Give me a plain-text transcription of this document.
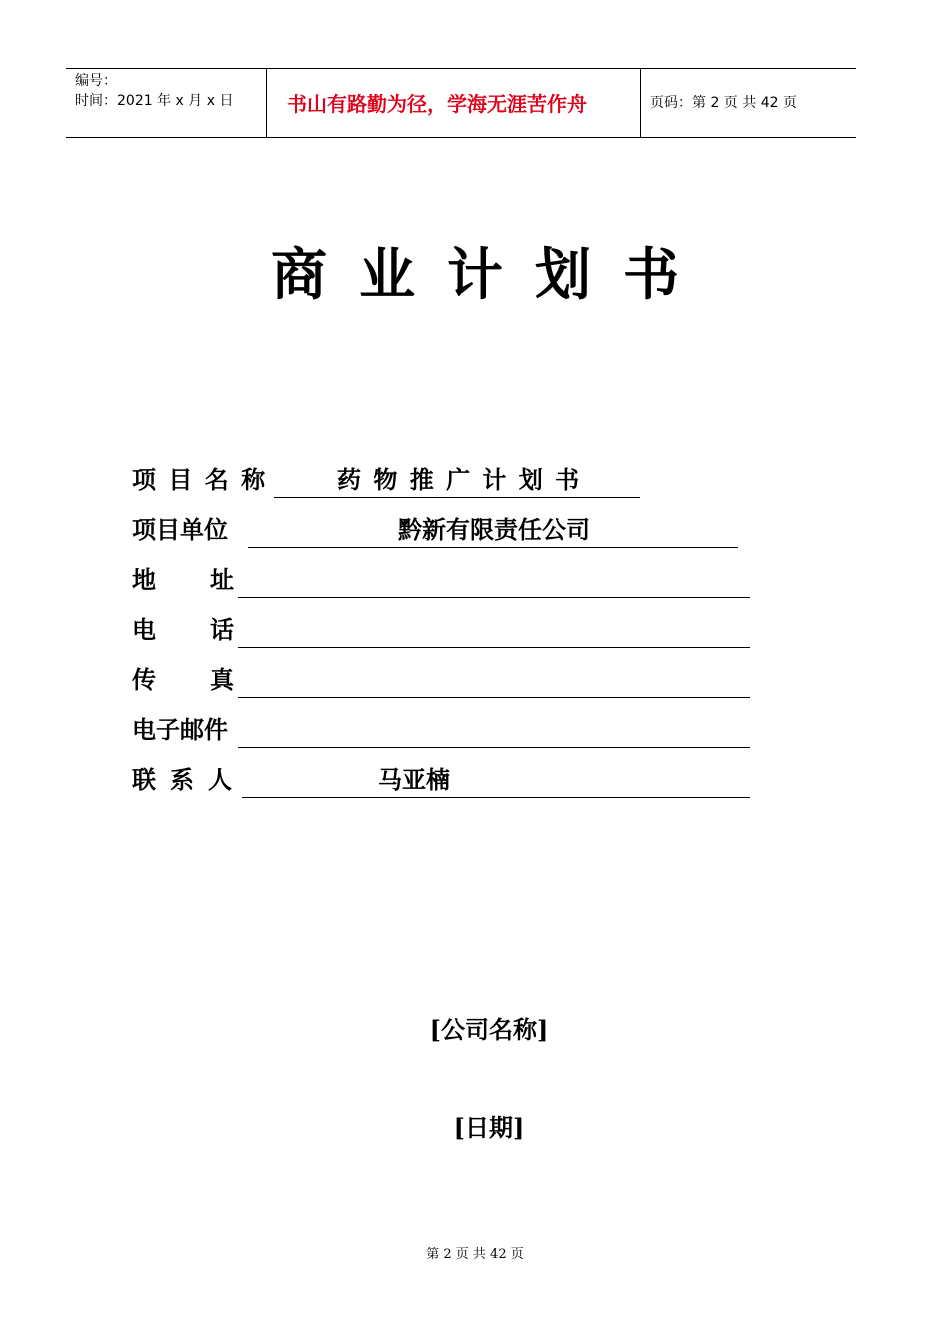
编号：
时间：2021 年 x 月 x 日	书山有路勤为径，学海无涯苦作舟	页码：第 2 页 共 42 页
商业计划书
项 目 名 称	药 物 推 广 计 划 书
项目单位	黔新有限责任公司
地 址
电 话
传 真
电子邮件
联 系 人	马亚楠
[公司名称]
[日期]
第 2 页 共 42 页
